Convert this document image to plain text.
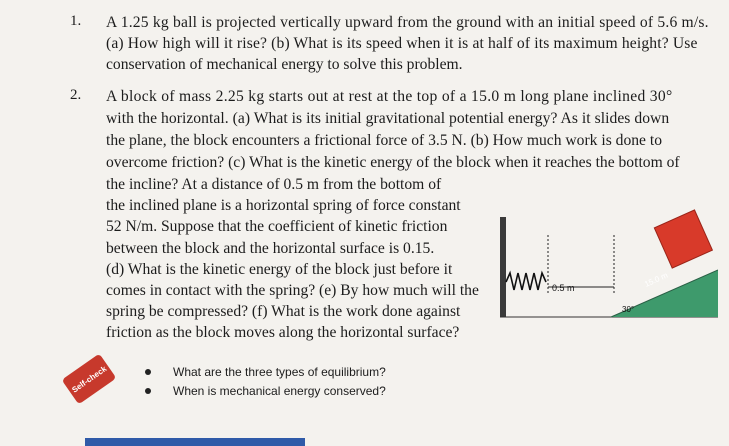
1. A 1.25 kg ball is projected vertically upward from the ground with an initial speed of 5.6 m/s.
(a) How high will it rise? (b) What is its speed when it is at half of its maximum height? Use
conservation of mechanical energy to solve this problem.
2. A block of mass 2.25 kg starts out at rest at the top of a 15.0 m long plane inclined 30°
with the horizontal. (a) What is its initial gravitational potential energy? As it slides down
the plane, the block encounters a frictional force of 3.5 N. (b) How much work is done to
overcome friction? (c) What is the kinetic energy of the block when it reaches the bottom of
the incline? At a distance of 0.5 m from the bottom of
the inclined plane is a horizontal spring of force constant
52 N/m. Suppose that the coefficient of kinetic friction
between the block and the horizontal surface is 0.15.
(d) What is the kinetic energy of the block just before it
comes in contact with the spring? (e) By how much will the
spring be compressed? (f) What is the work done against
friction as the block moves along the horizontal surface?
0.5 m	15.0 m
30°
Self-check	What are the three types of equilibrium?
When is mechanical energy conserved?
